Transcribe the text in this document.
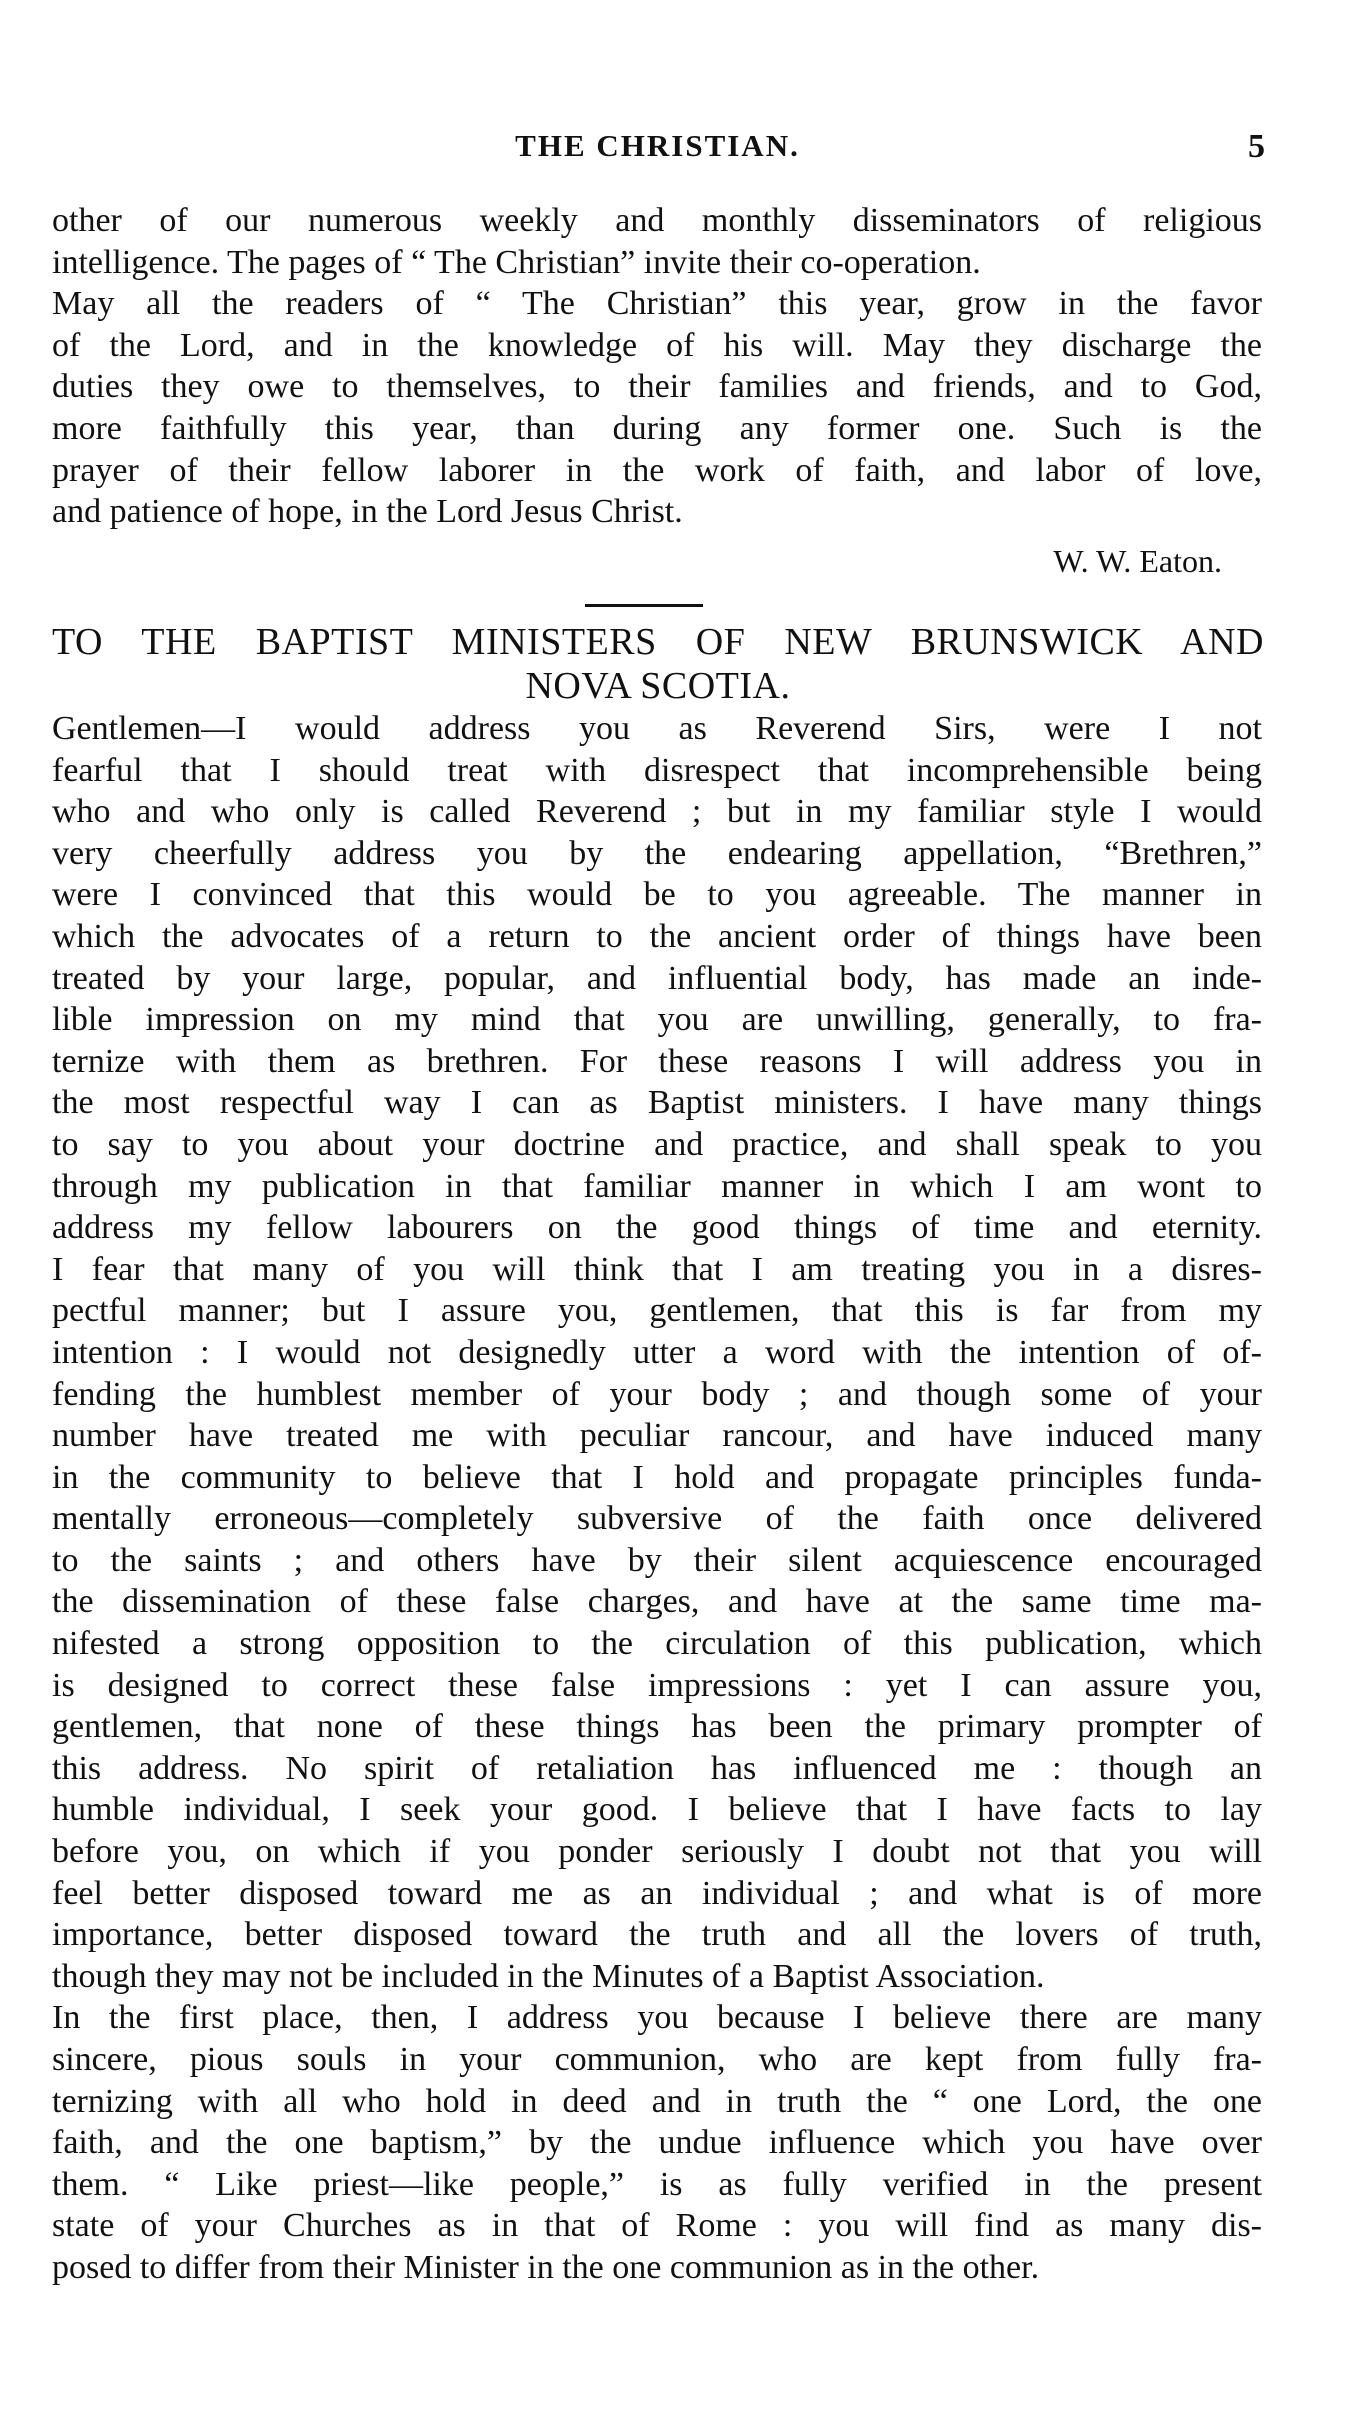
THE CHRISTIAN.	5
other of our numerous weekly and monthly disseminators of religious
intelligence. The pages of “ The Christian” invite their co-operation.
May all the readers of “ The Christian” this year, grow in the favor
of the Lord, and in the knowledge of his will. May they discharge the
duties they owe to themselves, to their families and friends, and to God,
more faithfully this year, than during any former one. Such is the
prayer of their fellow laborer in the work of faith, and labor of love,
and patience of hope, in the Lord Jesus Christ.
W. W. Eaton.
TO THE BAPTIST MINISTERS OF NEW BRUNSWICK AND
NOVA SCOTIA.
Gentlemen—I would address you as Reverend Sirs, were I not
fearful that I should treat with disrespect that incomprehensible being
who and who only is called Reverend ; but in my familiar style I would
very cheerfully address you by the endearing appellation, “Brethren,”
were I convinced that this would be to you agreeable. The manner in
which the advocates of a return to the ancient order of things have been
treated by your large, popular, and influential body, has made an inde-
lible impression on my mind that you are unwilling, generally, to fra-
ternize with them as brethren. For these reasons I will address you in
the most respectful way I can as Baptist ministers. I have many things
to say to you about your doctrine and practice, and shall speak to you
through my publication in that familiar manner in which I am wont to
address my fellow labourers on the good things of time and eternity.
I fear that many of you will think that I am treating you in a disres-
pectful manner; but I assure you, gentlemen, that this is far from my
intention : I would not designedly utter a word with the intention of of-
fending the humblest member of your body ; and though some of your
number have treated me with peculiar rancour, and have induced many
in the community to believe that I hold and propagate principles funda-
mentally erroneous—completely subversive of the faith once delivered
to the saints ; and others have by their silent acquiescence encouraged
the dissemination of these false charges, and have at the same time ma-
nifested a strong opposition to the circulation of this publication, which
is designed to correct these false impressions : yet I can assure you,
gentlemen, that none of these things has been the primary prompter of
this address. No spirit of retaliation has influenced me : though an
humble individual, I seek your good. I believe that I have facts to lay
before you, on which if you ponder seriously I doubt not that you will
feel better disposed toward me as an individual ; and what is of more
importance, better disposed toward the truth and all the lovers of truth,
though they may not be included in the Minutes of a Baptist Association.
In the first place, then, I address you because I believe there are many
sincere, pious souls in your communion, who are kept from fully fra-
ternizing with all who hold in deed and in truth the “ one Lord, the one
faith, and the one baptism,” by the undue influence which you have over
them. “ Like priest—like people,” is as fully verified in the present
state of your Churches as in that of Rome : you will find as many dis-
posed to differ from their Minister in the one communion as in the other.
